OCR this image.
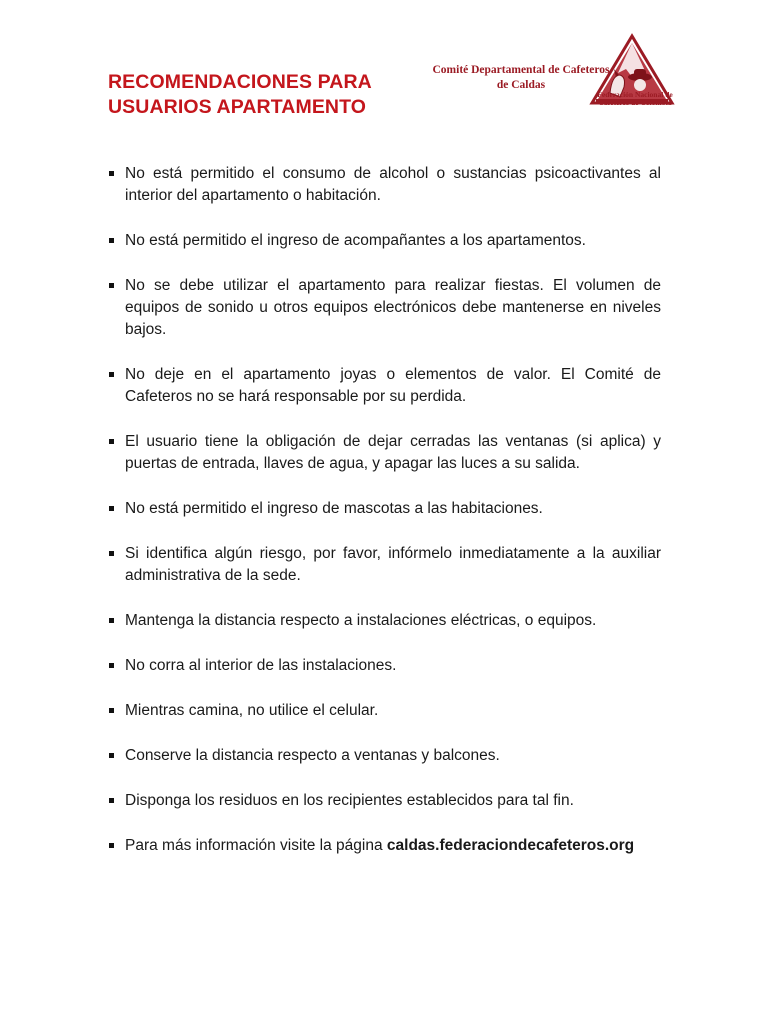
RECOMENDACIONES PARA
USUARIOS APARTAMENTO
Comité Departamental de Cafeteros
de Caldas
Federación Nacional de
Cafeteros de Colombia

No está permitido el consumo de alcohol o sustancias psicoactivantes al interior del apartamento o habitación.

No está permitido el ingreso de acompañantes a los apartamentos.

No se debe utilizar el apartamento para realizar fiestas. El volumen de equipos de sonido u otros equipos electrónicos debe mantenerse en niveles bajos.

No deje en el apartamento joyas o elementos de valor. El Comité de Cafeteros no se hará responsable por su perdida.

El usuario tiene la obligación de dejar cerradas las ventanas (si aplica) y puertas de entrada, llaves de agua, y apagar las luces a su salida.

No está permitido el ingreso de mascotas a las habitaciones.

Si identifica algún riesgo, por favor, infórmelo inmediatamente a la auxiliar administrativa de la sede.

Mantenga la distancia respecto a instalaciones eléctricas, o equipos.

No corra al interior de las instalaciones.

Mientras camina, no utilice el celular.

Conserve la distancia respecto a ventanas y balcones.

Disponga los residuos en los recipientes establecidos para tal fin.

Para más información visite la página caldas.federaciondecafeteros.org
